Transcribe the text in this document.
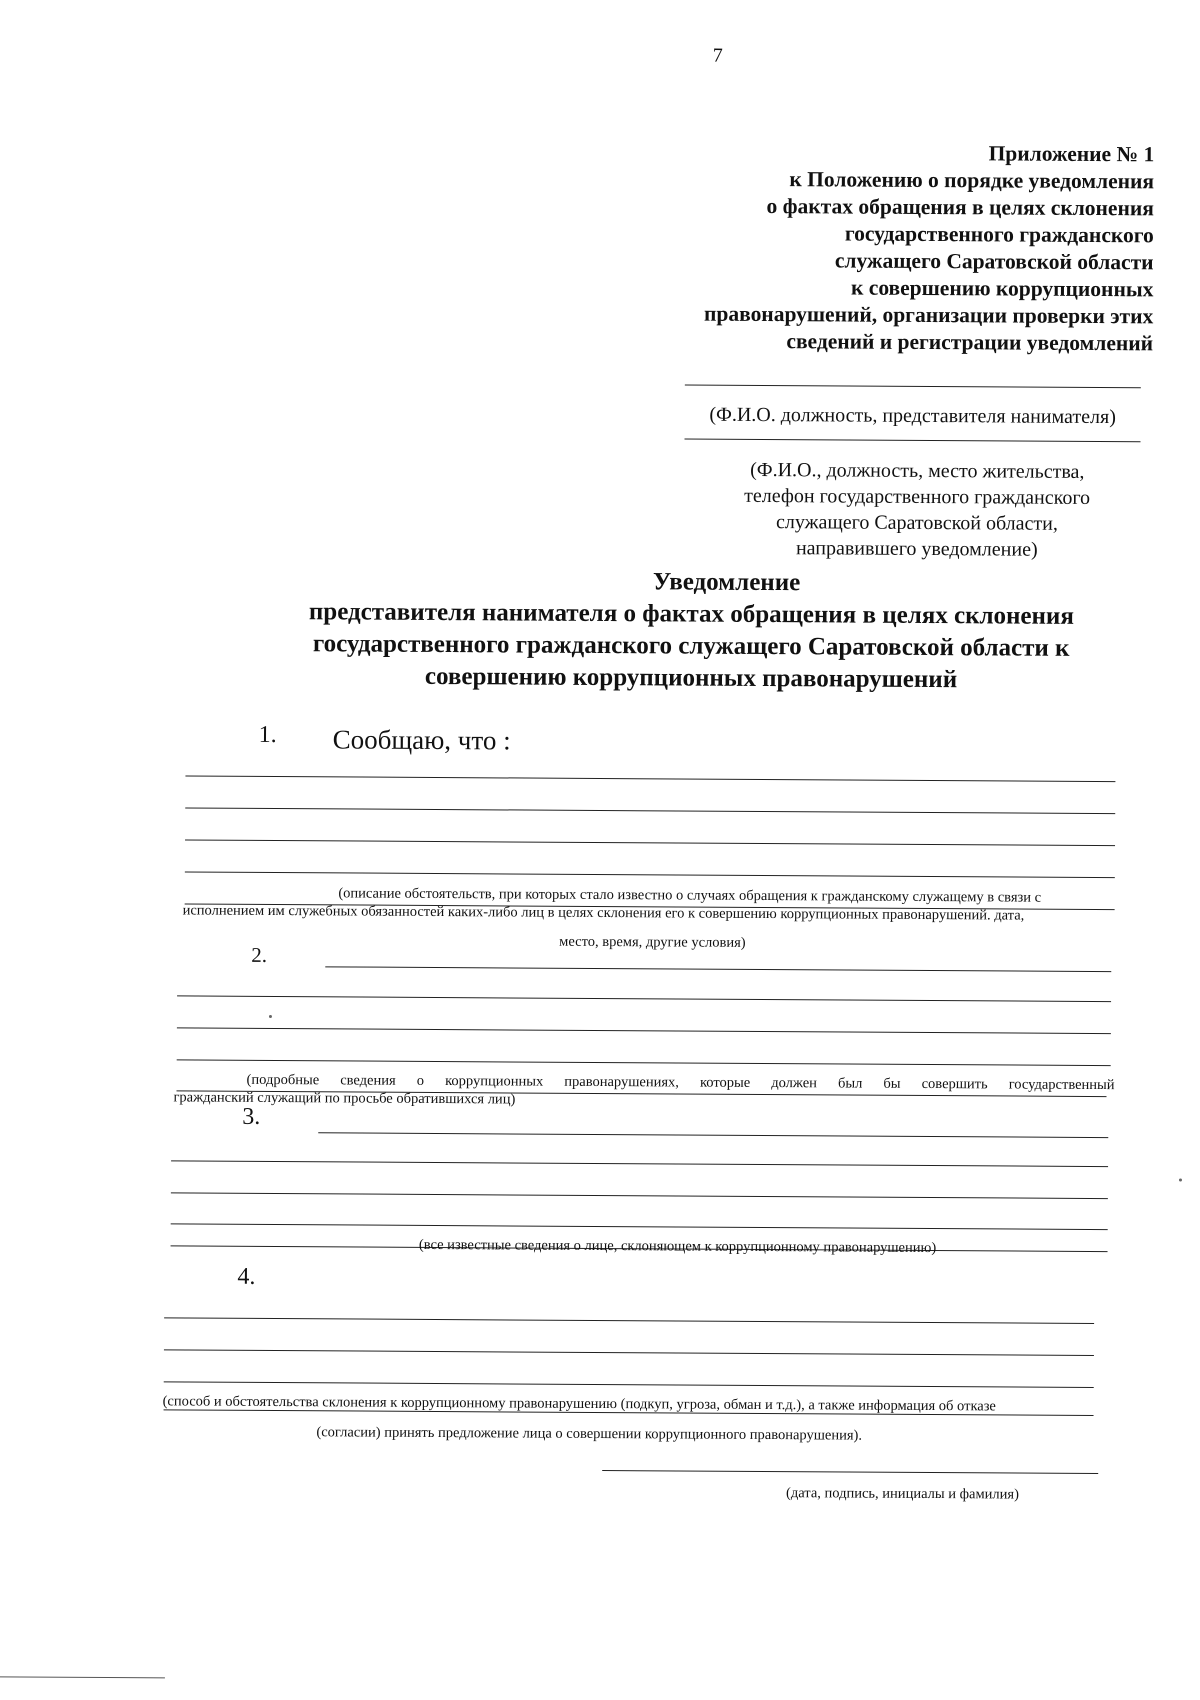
7
Приложение № 1
к Положению о порядке уведомления
о фактах обращения в целях склонения
государственного гражданского
служащего Саратовской области
к совершению коррупционных
правонарушений, организации проверки этих
сведений и регистрации уведомлений
(Ф.И.О. должность, представителя нанимателя)
(Ф.И.О., должность, место жительства,
телефон государственного гражданского
служащего Саратовской области,
направившего уведомление)
Уведомление
представителя нанимателя о фактах обращения в целях склонения
государственного гражданского служащего Саратовской области к
совершению коррупционных правонарушений
1. Сообщаю, что :
(описание обстоятельств, при которых стало известно о случаях обращения к гражданскому служащему в связи с
исполнением им служебных обязанностей каких-либо лиц в целях склонения его к совершению коррупционных правонарушений. дата,
место, время, другие условия)
2.
(подробные сведения о коррупционных правонарушениях, которые должен был бы совершить государственный
гражданский служащий по просьбе обратившихся лиц)
3.
(все известные сведения о лице, склоняющем к коррупционному правонарушению)
4.
(способ и обстоятельства склонения к коррупционному правонарушению (подкуп, угроза, обман и т.д.), а также информация об отказе
(согласии) принять предложение лица о совершении коррупционного правонарушения).
(дата, подпись, инициалы и фамилия)
